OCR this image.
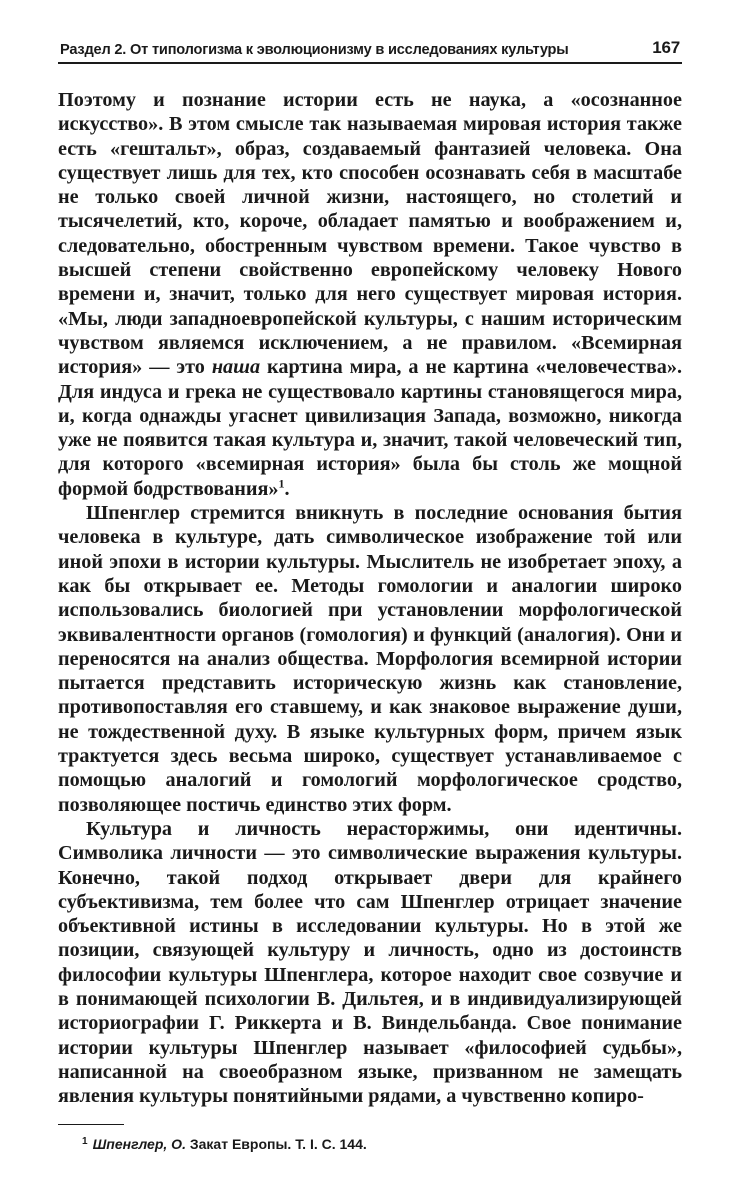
Раздел 2. От типологизма к эволюционизму в исследованиях культуры	167

Поэтому и познание истории есть не наука, а «осознанное искусство». В этом смысле так называемая мировая история также есть «гештальт», образ, создаваемый фантазией человека. Она существует лишь для тех, кто способен осознавать себя в масштабе не только своей личной жизни, настоящего, но столетий и тысячелетий, кто, короче, обладает памятью и воображением и, следовательно, обостренным чувством времени. Такое чувство в высшей степени свойственно европейскому человеку Нового времени и, значит, только для него существует мировая история. «Мы, люди западноевропейской культуры, с нашим историческим чувством являемся исключением, а не правилом. «Всемирная история» — это наша картина мира, а не картина «человечества». Для индуса и грека не существовало картины становящегося мира, и, когда однажды угаснет цивилизация Запада, возможно, никогда уже не появится такая культура и, значит, такой человеческий тип, для которого «всемирная история» была бы столь же мощной формой бодрствования»$^1$.

Шпенглер стремится вникнуть в последние основания бытия человека в культуре, дать символическое изображение той или иной эпохи в истории культуры. Мыслитель не изобретает эпоху, а как бы открывает ее. Методы гомологии и аналогии широко использовались биологией при установлении морфологической эквивалентности органов (гомология) и функций (аналогия). Они и переносятся на анализ общества. Морфология всемирной истории пытается представить историческую жизнь как становление, противопоставляя его ставшему, и как знаковое выражение души, не тождественной духу. В языке культурных форм, причем язык трактуется здесь весьма широко, существует устанавливаемое с помощью аналогий и гомологий морфологическое сродство, позволяющее постичь единство этих форм.

Культура и личность нерасторжимы, они идентичны. Символика личности — это символические выражения культуры. Конечно, такой подход открывает двери для крайнего субъективизма, тем более что сам Шпенглер отрицает значение объективной истины в исследовании культуры. Но в этой же позиции, связующей культуру и личность, одно из достоинств философии культуры Шпенглера, которое находит свое созвучие и в понимающей психологии В. Дильтея, и в индивидуализирующей историографии Г. Риккерта и В. Виндельбанда. Свое понимание истории культуры Шпенглер называет «философией судьбы», написанной на своеобразном языке, призванном не замещать явления культуры понятийными рядами, а чувственно копиро-

$^1$ Шпенглер, О. Закат Европы. Т. I. С. 144.
